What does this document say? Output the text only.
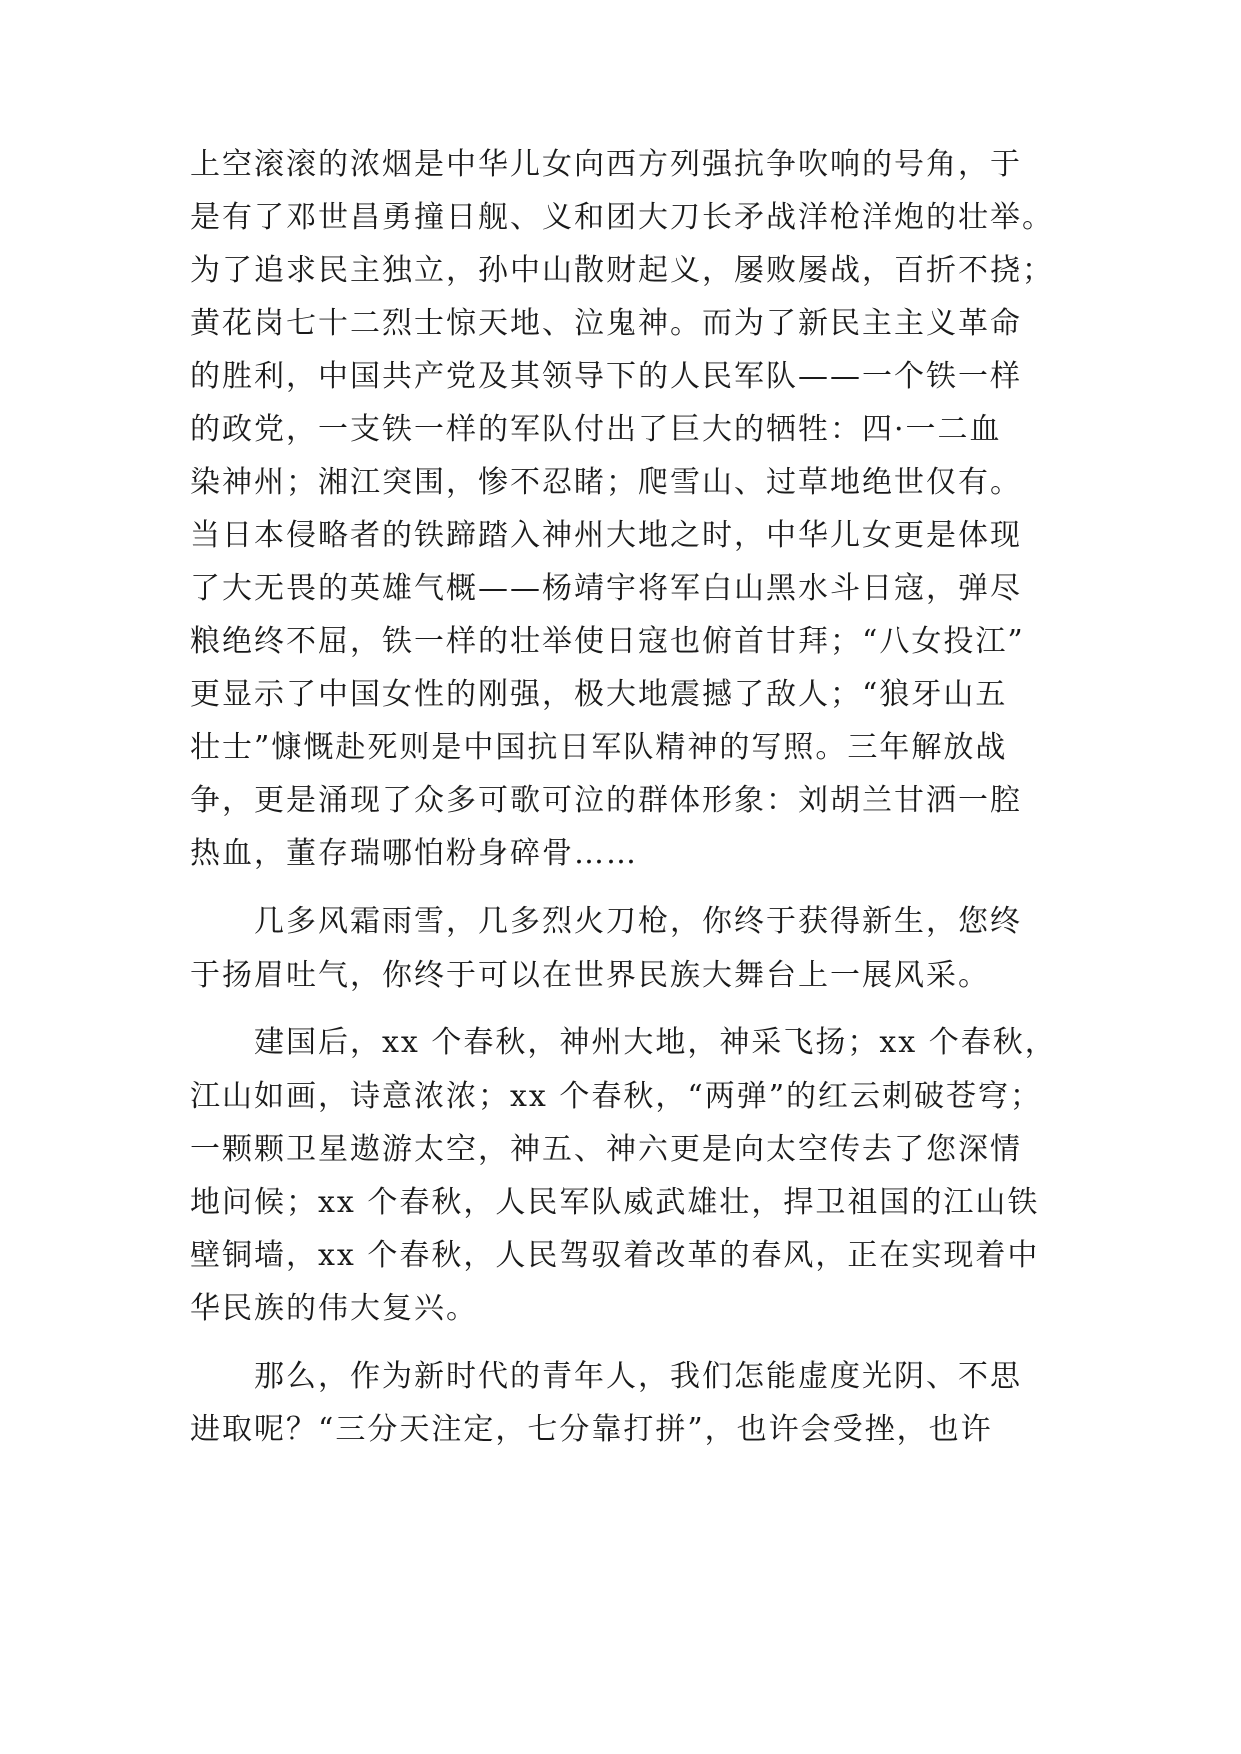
上空滚滚的浓烟是中华儿女向西方列强抗争吹响的号角，于
是有了邓世昌勇撞日舰、义和团大刀长矛战洋枪洋炮的壮举。
为了追求民主独立，孙中山散财起义，屡败屡战，百折不挠；
黄花岗七十二烈士惊天地、泣鬼神。而为了新民主主义革命
的胜利，中国共产党及其领导下的人民军队——一个铁一样
的政党，一支铁一样的军队付出了巨大的牺牲：四·一二血
染神州；湘江突围，惨不忍睹；爬雪山、过草地绝世仅有。
当日本侵略者的铁蹄踏入神州大地之时，中华儿女更是体现
了大无畏的英雄气概——杨靖宇将军白山黑水斗日寇，弹尽
粮绝终不屈，铁一样的壮举使日寇也俯首甘拜；“八女投江”
更显示了中国女性的刚强，极大地震撼了敌人；“狼牙山五
壮士”慷慨赴死则是中国抗日军队精神的写照。三年解放战
争，更是涌现了众多可歌可泣的群体形象：刘胡兰甘洒一腔
热血，董存瑞哪怕粉身碎骨……
几多风霜雨雪，几多烈火刀枪，你终于获得新生，您终
于扬眉吐气，你终于可以在世界民族大舞台上一展风采。
建国后，xx 个春秋，神州大地，神采飞扬；xx 个春秋，
江山如画，诗意浓浓；xx 个春秋，“两弹”的红云刺破苍穹；
一颗颗卫星遨游太空，神五、神六更是向太空传去了您深情
地问候；xx 个春秋，人民军队威武雄壮，捍卫祖国的江山铁
壁铜墙，xx 个春秋，人民驾驭着改革的春风，正在实现着中
华民族的伟大复兴。
那么，作为新时代的青年人，我们怎能虚度光阴、不思
进取呢？“三分天注定，七分靠打拼”，也许会受挫，也许
